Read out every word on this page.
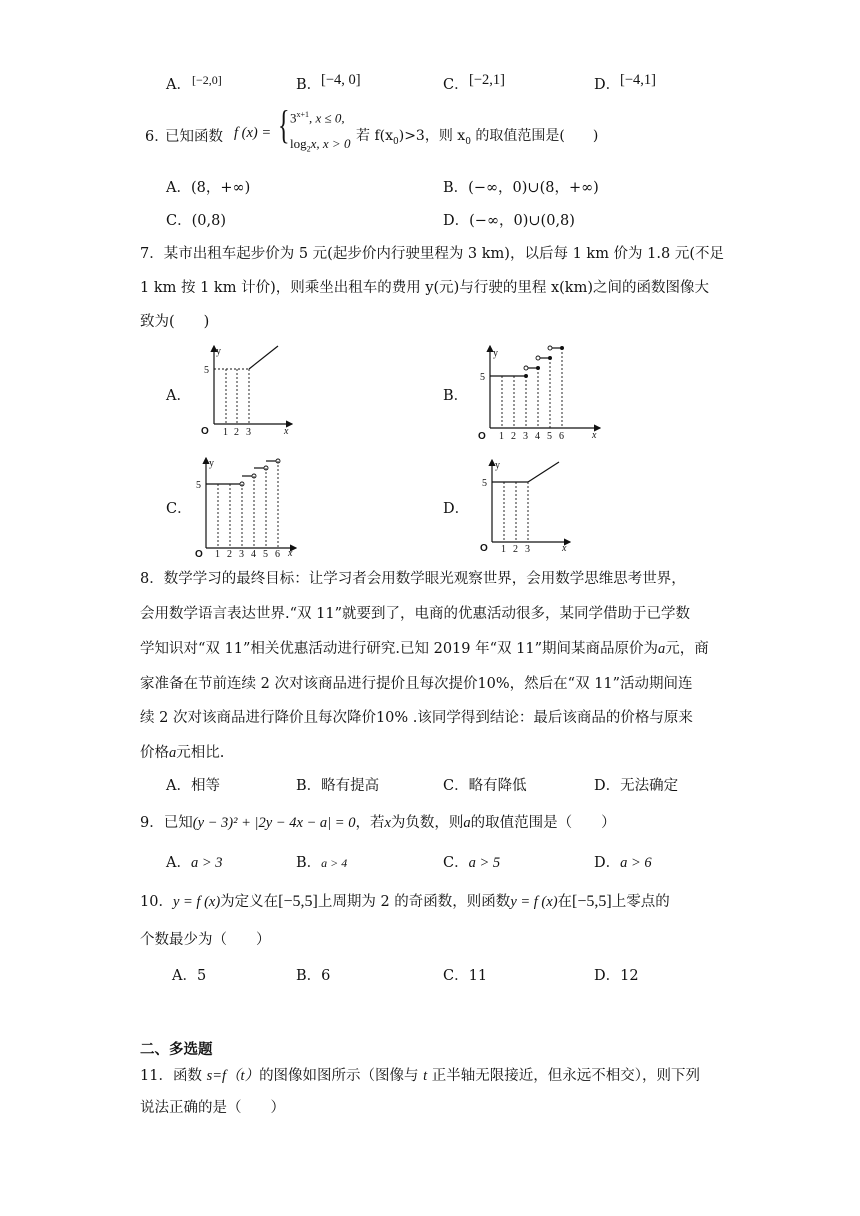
A． [−2,0]	B． [−4, 0]	C． [−2,1]	D． [−4,1]
6．
已知函数 f (x) = { $3^{x+1}$, x ≤ 0,
$\log_2x$, x > 0 若 $f(x_0)>3$，则 $x_0$ 的取值范围是(　　)
A．(8，+∞)	B．(−∞，0)∪(8，+∞)
C．(0,8)	D．(−∞，0)∪(0,8)
7．某市出租车起步价为 5 元(起步价内行驶里程为 3 km)，以后每 1 km 价为 1.8 元(不足
1 km 按 1 km 计价)，则乘坐出租车的费用 y(元)与行驶的里程 x(km)之间的函数图像大
致为(　　)
A．	B．
C．	D．
y
5
O 1 2 3	x
y
5
O 1 2 3 4 5 6	x
y
5
O 1 2 3 4 5 6 x
y
5
O 1 2 3	x
8．数学学习的最终目标：让学习者会用数学眼光观察世界，会用数学思维思考世界，
会用数学语言表达世界.“双 11”就要到了，电商的优惠活动很多，某同学借助于已学数
学知识对“双 11”相关优惠活动进行研究.已知 2019 年“双 11”期间某商品原价为a元，商
家准备在节前连续 2 次对该商品进行提价且每次提价10%，然后在“双 11”活动期间连
续 2 次对该商品进行降价且每次降价10% .该同学得到结论：最后该商品的价格与原来
价格a元相比.
A．相等	B．略有提高	C．略有降低	D．无法确定
9．已知(y − 3)² + |2y − 4x − a| = 0，若x为负数，则a的取值范围是（　　）
A．a > 3	B．a > 4	C．a > 5	D．a > 6
10．y = f (x)为定义在[−5,5]上周期为 2 的奇函数，则函数y = f (x)在[−5,5]上零点的
个数最少为（　　）
A．5	B．6	C．11	D．12
二、多选题
11．函数 s=f（t）的图像如图所示（图像与 t 正半轴无限接近，但永远不相交），则下列
说法正确的是（　　）
